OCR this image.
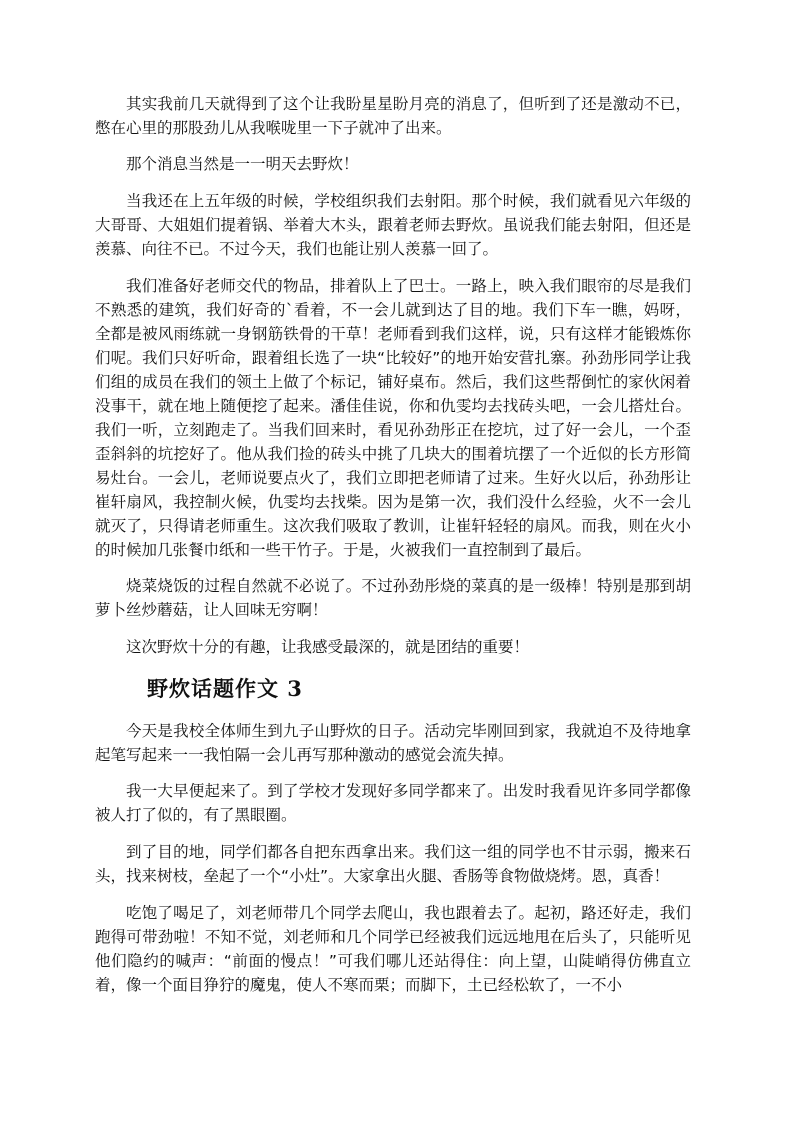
其实我前几天就得到了这个让我盼星星盼月亮的消息了，但听到了还是激动不已，憋在心里的那股劲儿从我喉咙里一下子就冲了出来。

那个消息当然是一一明天去野炊！

当我还在上五年级的时候，学校组织我们去射阳。那个时候，我们就看见六年级的大哥哥、大姐姐们提着锅、举着大木头，跟着老师去野炊。虽说我们能去射阳，但还是羡慕、向往不已。不过今天，我们也能让别人羡慕一回了。

我们准备好老师交代的物品，排着队上了巴士。一路上，映入我们眼帘的尽是我们不熟悉的建筑，我们好奇的`看着，不一会儿就到达了目的地。我们下车一瞧，妈呀，全都是被风雨练就一身钢筋铁骨的干草！老师看到我们这样，说，只有这样才能锻炼你们呢。我们只好听命，跟着组长选了一块“比较好”的地开始安营扎寨。孙劲彤同学让我们组的成员在我们的领土上做了个标记，铺好桌布。然后，我们这些帮倒忙的家伙闲着没事干，就在地上随便挖了起来。潘佳佳说，你和仇雯均去找砖头吧，一会儿搭灶台。我们一听，立刻跑走了。当我们回来时，看见孙劲彤正在挖坑，过了好一会儿，一个歪歪斜斜的坑挖好了。他从我们捡的砖头中挑了几块大的围着坑摆了一个近似的长方形简易灶台。一会儿，老师说要点火了，我们立即把老师请了过来。生好火以后，孙劲彤让崔轩扇风，我控制火候，仇雯均去找柴。因为是第一次，我们没什么经验，火不一会儿就灭了，只得请老师重生。这次我们吸取了教训，让崔轩轻轻的扇风。而我，则在火小的时候加几张餐巾纸和一些干竹子。于是，火被我们一直控制到了最后。

烧菜烧饭的过程自然就不必说了。不过孙劲彤烧的菜真的是一级棒！特别是那到胡萝卜丝炒蘑菇，让人回味无穷啊！

这次野炊十分的有趣，让我感受最深的，就是团结的重要！

野炊话题作文 3

今天是我校全体师生到九子山野炊的日子。活动完毕刚回到家，我就迫不及待地拿起笔写起来一一我怕隔一会儿再写那种激动的感觉会流失掉。

我一大早便起来了。到了学校才发现好多同学都来了。出发时我看见许多同学都像被人打了似的，有了黑眼圈。

到了目的地，同学们都各自把东西拿出来。我们这一组的同学也不甘示弱，搬来石头，找来树枝，垒起了一个“小灶”。大家拿出火腿、香肠等食物做烧烤。恩，真香！

吃饱了喝足了，刘老师带几个同学去爬山，我也跟着去了。起初，路还好走，我们跑得可带劲啦！不知不觉，刘老师和几个同学已经被我们远远地甩在后头了，只能听见他们隐约的喊声：“前面的慢点！”可我们哪儿还站得住：向上望，山陡峭得仿佛直立着，像一个面目狰狞的魔鬼，使人不寒而栗；而脚下，土已经松软了，一不小
